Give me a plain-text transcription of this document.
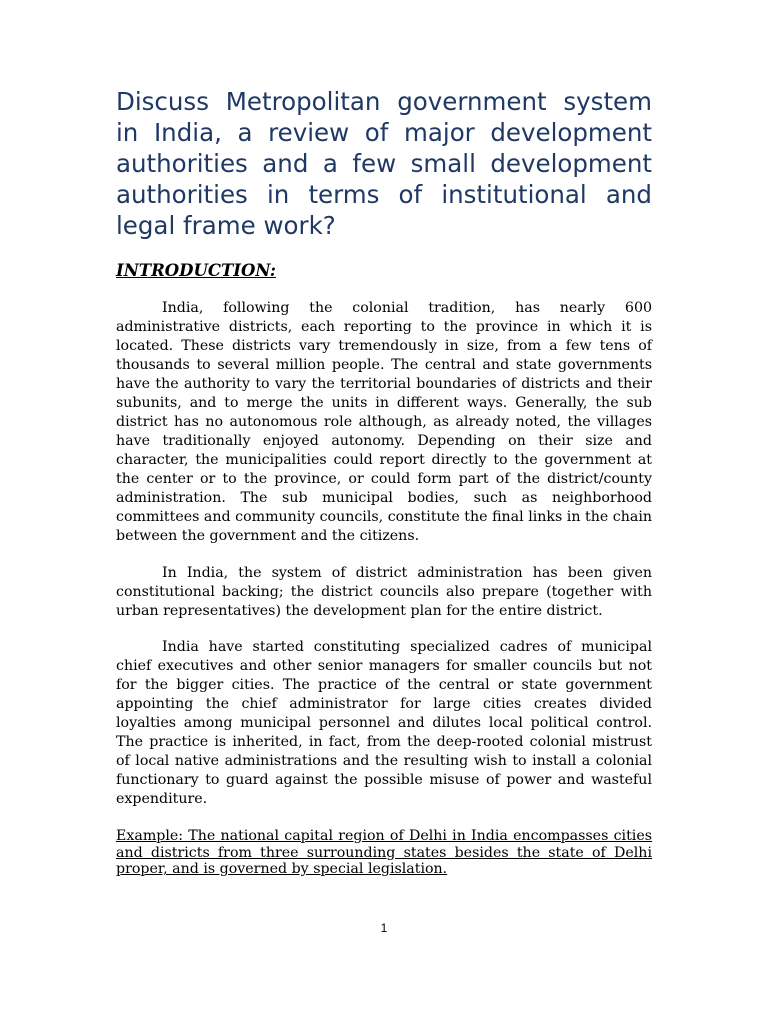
Discuss Metropolitan government system in India, a review of major development authorities and a few small development authorities in terms of institutional and legal frame work?
INTRODUCTION:

India, following the colonial tradition, has nearly 600 administrative districts, each reporting to the province in which it is located. These districts vary tremendously in size, from a few tens of thousands to several million people. The central and state governments have the authority to vary the territorial boundaries of districts and their subunits, and to merge the units in different ways. Generally, the sub district has no autonomous role although, as already noted, the villages have traditionally enjoyed autonomy. Depending on their size and character, the municipalities could report directly to the government at the center or to the province, or could form part of the district/county administration. The sub municipal bodies, such as neighborhood committees and community councils, constitute the final links in the chain between the government and the citizens.

In India, the system of district administration has been given constitutional backing; the district councils also prepare (together with urban representatives) the development plan for the entire district.

India have started constituting specialized cadres of municipal chief executives and other senior managers for smaller councils but not for the bigger cities. The practice of the central or state government appointing the chief administrator for large cities creates divided loyalties among municipal personnel and dilutes local political control. The practice is inherited, in fact, from the deep-rooted colonial mistrust of local native administrations and the resulting wish to install a colonial functionary to guard against the possible misuse of power and wasteful expenditure.

Example: The national capital region of Delhi in India encompasses cities and districts from three surrounding states besides the state of Delhi proper, and is governed by special legislation.

1
